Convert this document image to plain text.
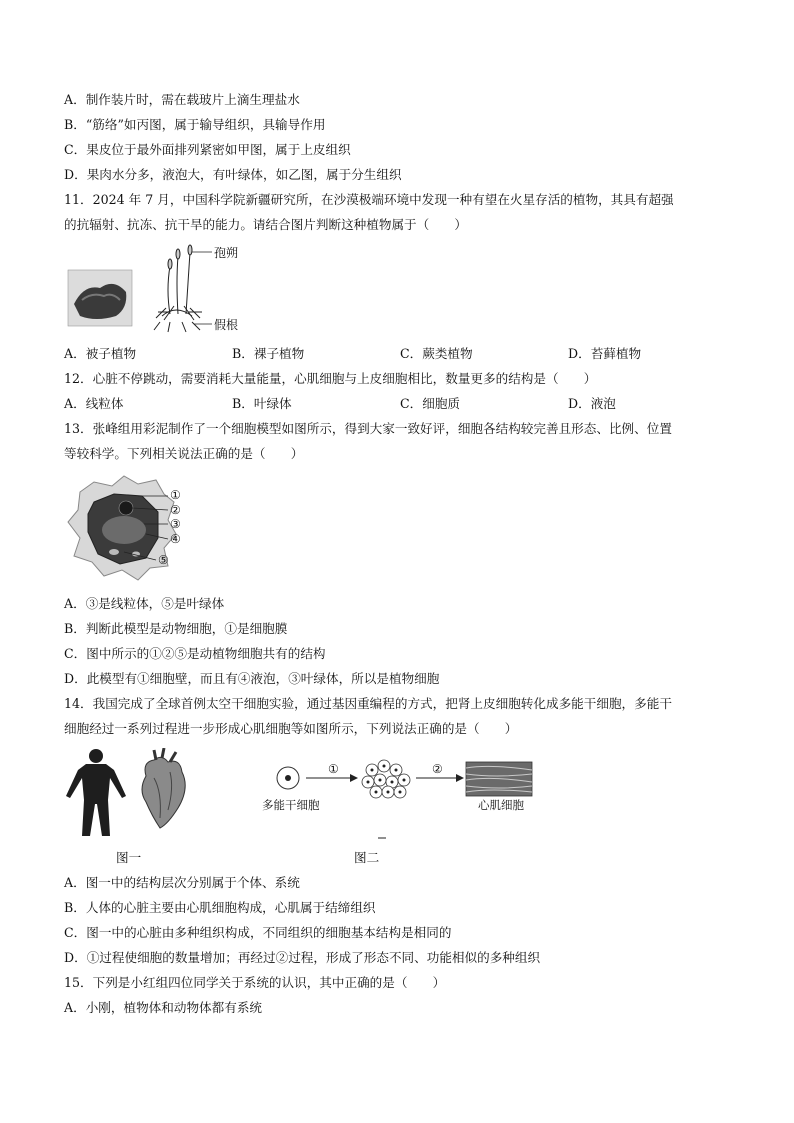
A．制作装片时，需在载玻片上滴生理盐水
B．“筋络”如丙图，属于输导组织，具输导作用
C．果皮位于最外面排列紧密如甲图，属于上皮组织
D．果肉水分多，液泡大，有叶绿体，如乙图，属于分生组织
11．2024 年 7 月，中国科学院新疆研究所，在沙漠极端环境中发现一种有望在火星存活的植物，其具有超强
的抗辐射、抗冻、抗干旱的能力。请结合图片判断这种植物属于（　　）
孢朔
假根
A．被子植物	B．裸子植物	C．蕨类植物	D．苔藓植物
12．心脏不停跳动，需要消耗大量能量，心肌细胞与上皮细胞相比，数量更多的结构是（　　）
A．线粒体	B．叶绿体	C．细胞质	D．液泡
13．张峰组用彩泥制作了一个细胞模型如图所示，得到大家一致好评，细胞各结构较完善且形态、比例、位置
等较科学。下列相关说法正确的是（　　）
①
②
③
④
⑤
A．③是线粒体，⑤是叶绿体
B．判断此模型是动物细胞，①是细胞膜
C．图中所示的①②⑤是动植物细胞共有的结构
D．此模型有①细胞壁，而且有④液泡，③叶绿体，所以是植物细胞
14．我国完成了全球首例太空干细胞实验，通过基因重编程的方式，把肾上皮细胞转化成多能干细胞，多能干
细胞经过一系列过程进一步形成心肌细胞等如图所示，下列说法正确的是（　　）
①	②
多能干细胞	心肌细胞
图一	图二
A．图一中的结构层次分别属于个体、系统
B．人体的心脏主要由心肌细胞构成，心肌属于结缔组织
C．图一中的心脏由多种组织构成，不同组织的细胞基本结构是相同的
D．①过程使细胞的数量增加；再经过②过程，形成了形态不同、功能相似的多种组织
15．下列是小红组四位同学关于系统的认识，其中正确的是（　　）
A．小刚，植物体和动物体都有系统
